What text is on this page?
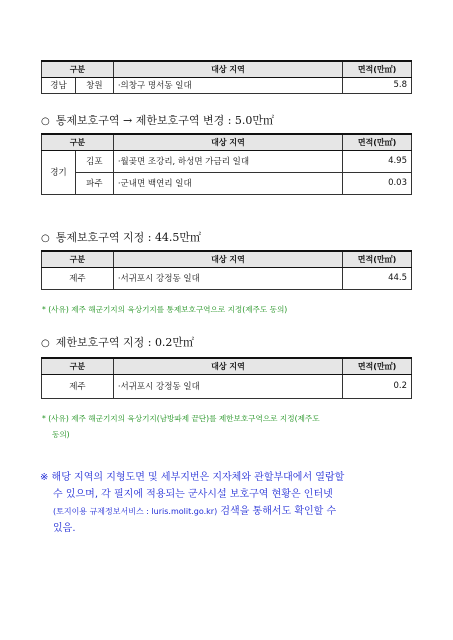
구분		대상 지역	면적(만㎡)
경남	창원	·의창구 명서동 일대	5.8
○ 통제보호구역 → 제한보호구역 변경 : 5.0만㎡
구분		대상 지역	면적(만㎡)
경기	김포	·월곶면 조강리, 하성면 가금리 일대	4.95
	파주	·군내면 백연리 일대	0.03
○ 통제보호구역 지정 : 44.5만㎡
구분	대상 지역	면적(만㎡)
제주	·서귀포시 강정동 일대	44.5
* (사유) 제주 해군기지의 육상기지를 통제보호구역으로 지정(제주도 동의)
○ 제한보호구역 지정 : 0.2만㎡
구분	대상 지역	면적(만㎡)
제주	·서귀포시 강정동 일대	0.2
* (사유) 제주 해군기지의 육상기지(남방파제 끝단)를 제한보호구역으로 지정(제주도
동의)
※ 해당 지역의 지형도면 및 세부지번은 지자체와 관할부대에서 열람할
수 있으며, 각 필지에 적용되는 군사시설 보호구역 현황은 인터넷
(토지이용 규제정보서비스 : luris.molit.go.kr) 검색을 통해서도 확인할 수
있음.
